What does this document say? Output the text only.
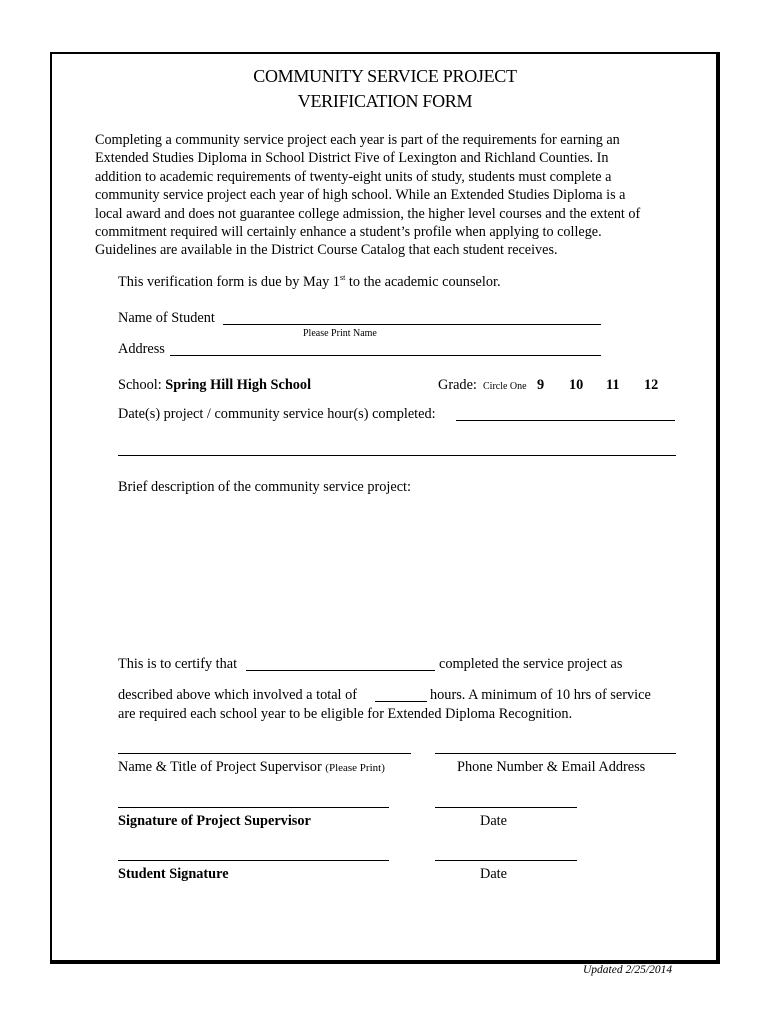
COMMUNITY SERVICE PROJECT
VERIFICATION FORM
Completing a community service project each year is part of the requirements for earning an
Extended Studies Diploma in School District Five of Lexington and Richland Counties. In
addition to academic requirements of twenty-eight units of study, students must complete a
community service project each year of high school. While an Extended Studies Diploma is a
local award and does not guarantee college admission, the higher level courses and the extent of
commitment required will certainly enhance a student’s profile when applying to college.
Guidelines are available in the District Course Catalog that each student receives.
This verification form is due by May 1st to the academic counselor.
Name of Student
Please Print Name
Address
School: Spring Hill High School	Grade: Circle One 9 10 11 12
Date(s) project / community service hour(s) completed:
Brief description of the community service project:
This is to certify that	completed the service project as
described above which involved a total of	hours. A minimum of 10 hrs of service
are required each school year to be eligible for Extended Diploma Recognition.
Name & Title of Project Supervisor (Please Print)	Phone Number & Email Address
Signature of Project Supervisor	Date
Student Signature	Date
Updated 2/25/2014
